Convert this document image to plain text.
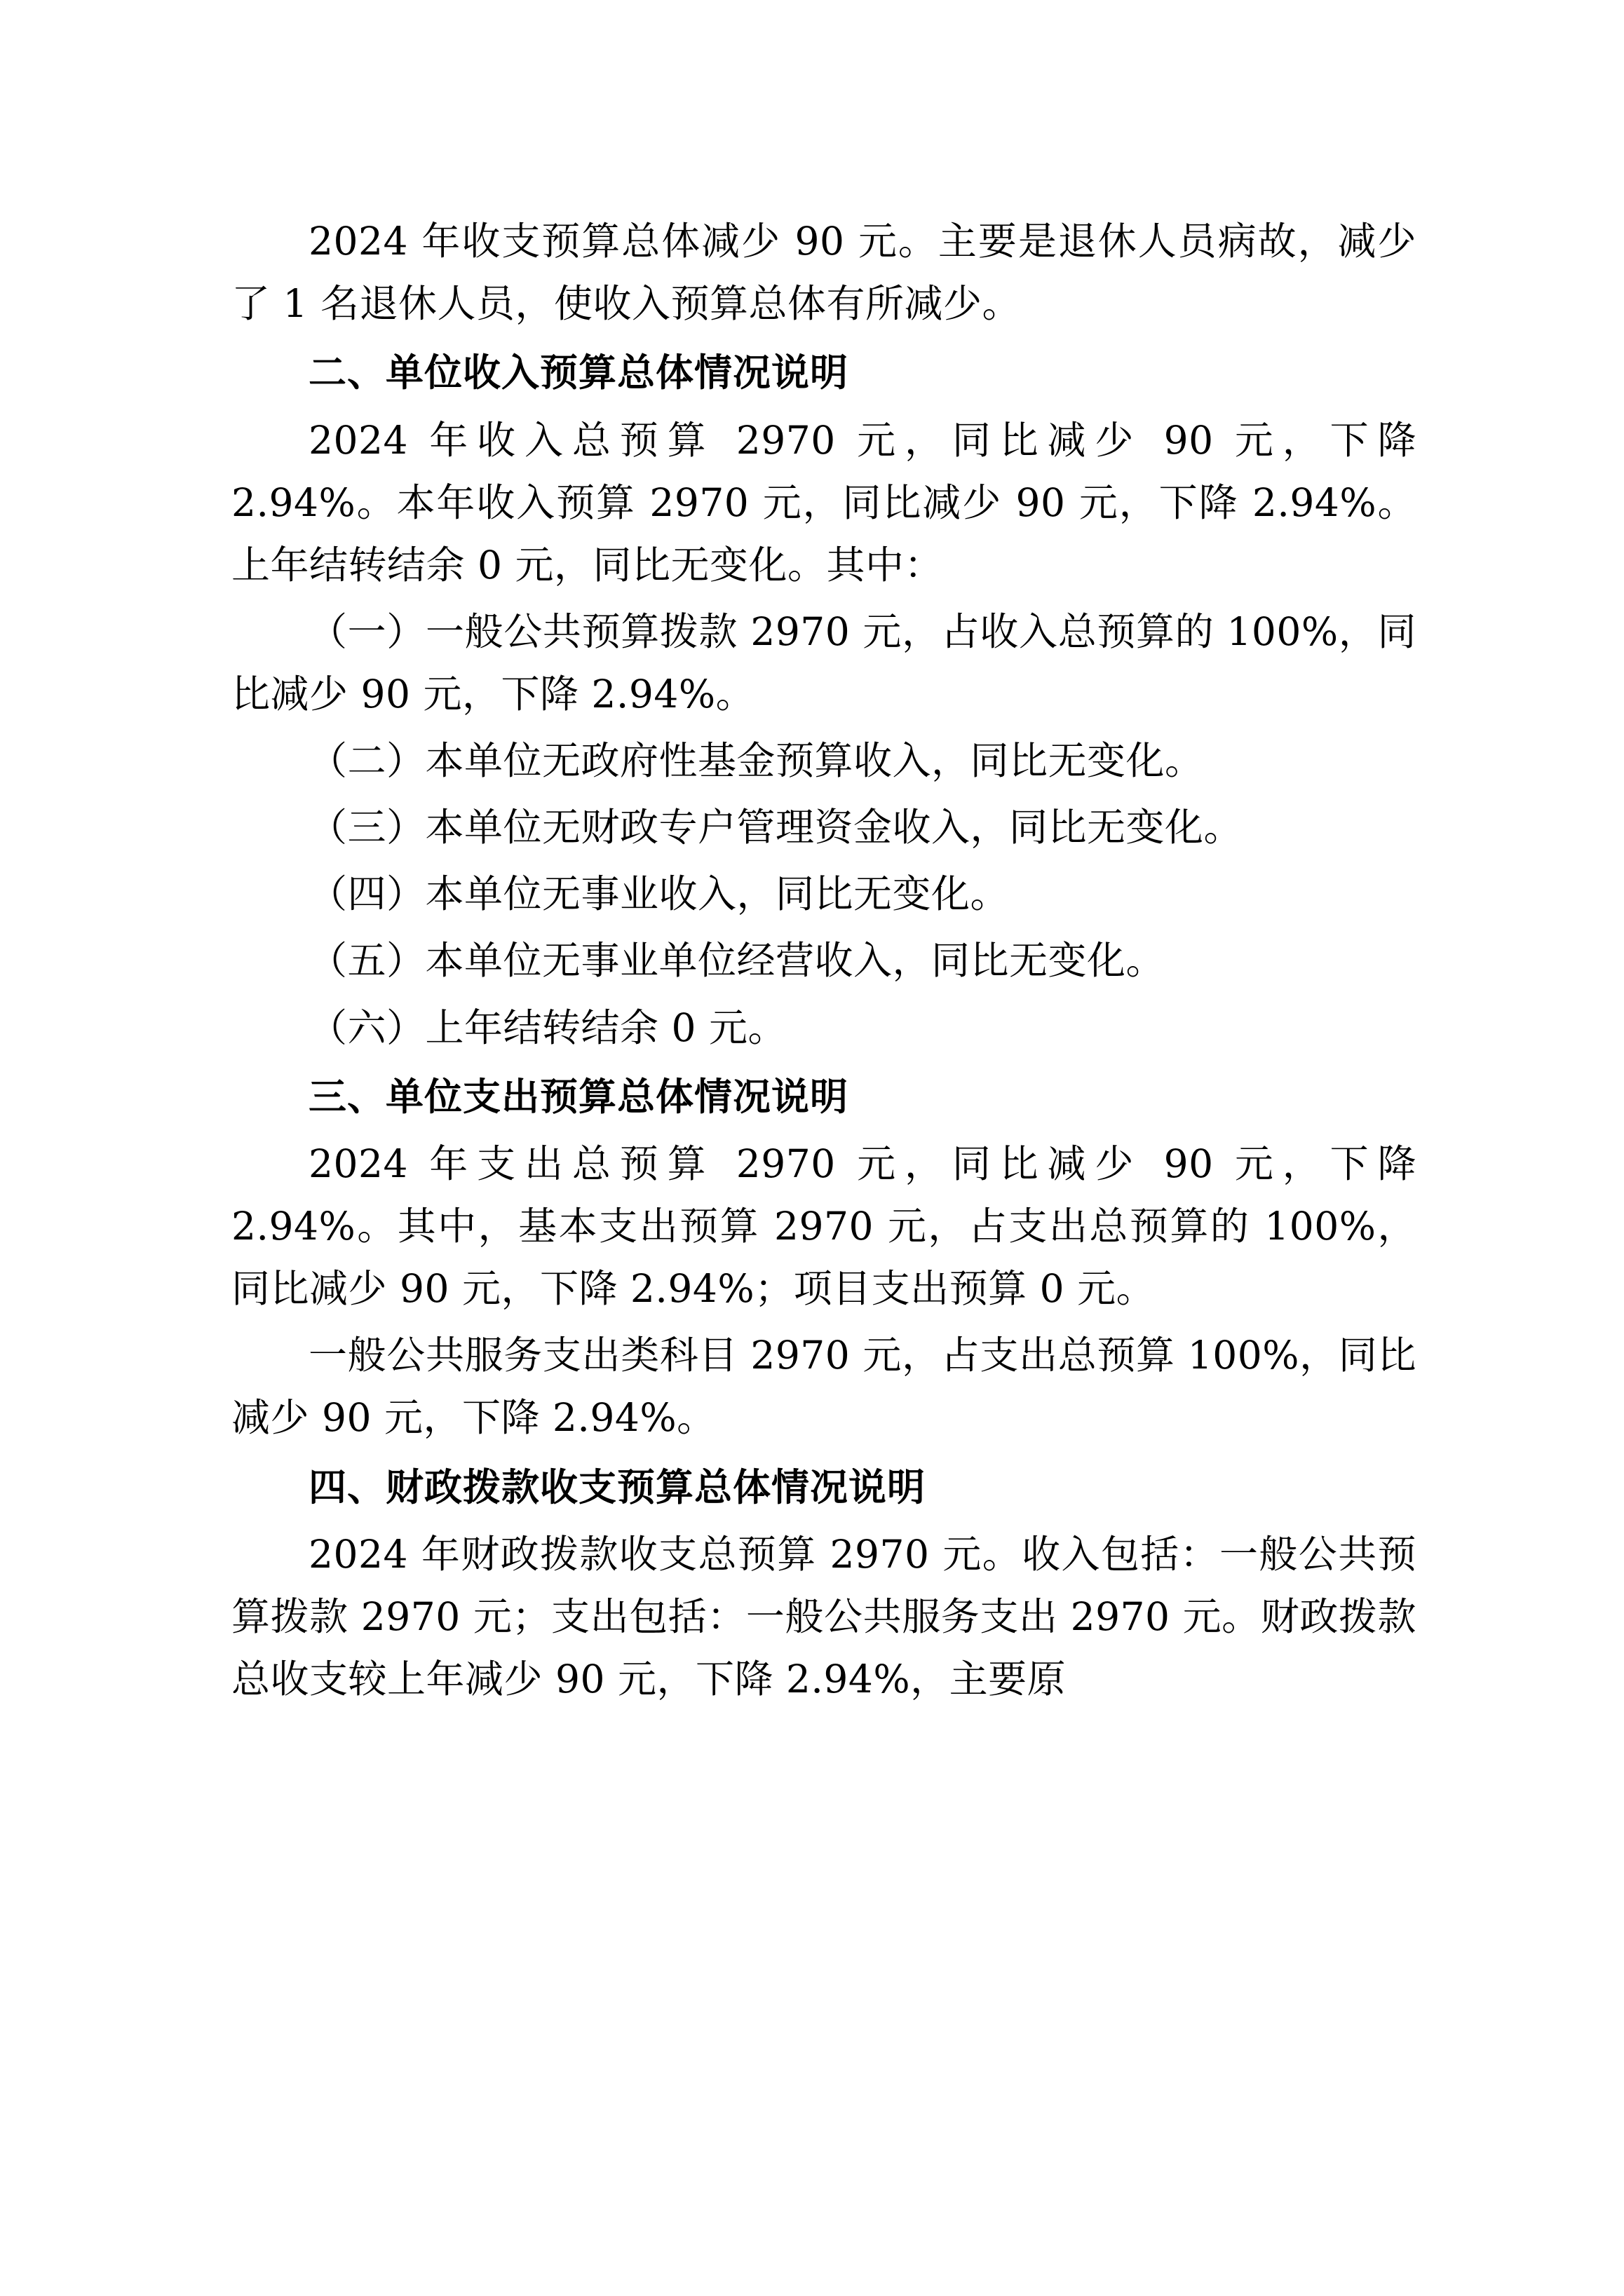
2024 年收支预算总体减少 90 元。主要是退休人员病故，减少了 1 名退休人员，使收入预算总体有所减少。

二、单位收入预算总体情况说明

2024 年收入总预算 2970 元，同比减少 90 元，下降 2.94%。本年收入预算 2970 元，同比减少 90 元，下降 2.94%。上年结转结余 0 元，同比无变化。其中：

（一）一般公共预算拨款 2970 元，占收入总预算的 100%，同比减少 90 元，下降 2.94%。

（二）本单位无政府性基金预算收入，同比无变化。

（三）本单位无财政专户管理资金收入，同比无变化。

（四）本单位无事业收入，同比无变化。

（五）本单位无事业单位经营收入，同比无变化。

（六）上年结转结余 0 元。

三、单位支出预算总体情况说明

2024 年支出总预算 2970 元，同比减少 90 元，下降 2.94%。其中，基本支出预算 2970 元，占支出总预算的 100%，同比减少 90 元，下降 2.94%；项目支出预算 0 元。

一般公共服务支出类科目 2970 元，占支出总预算 100%，同比减少 90 元，下降 2.94%。

四、财政拨款收支预算总体情况说明

2024 年财政拨款收支总预算 2970 元。收入包括：一般公共预算拨款 2970 元；支出包括：一般公共服务支出 2970 元。财政拨款总收支较上年减少 90 元，下降 2.94%，主要原
